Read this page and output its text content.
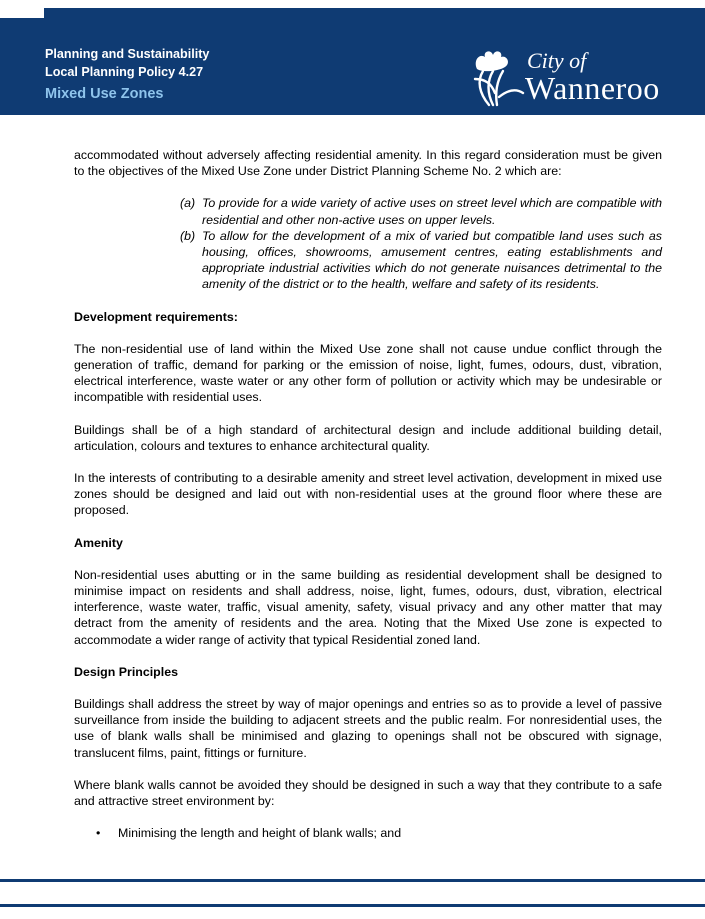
Planning and Sustainability
Local Planning Policy 4.27
Mixed Use Zones
City of
Wanneroo

accommodated without adversely affecting residential amenity. In this regard consideration must be given to the objectives of the Mixed Use Zone under District Planning Scheme No. 2 which are:

(a) To provide for a wide variety of active uses on street level which are compatible with residential and other non-active uses on upper levels.
(b) To allow for the development of a mix of varied but compatible land uses such as housing, offices, showrooms, amusement centres, eating establishments and appropriate industrial activities which do not generate nuisances detrimental to the amenity of the district or to the health, welfare and safety of its residents.

Development requirements:

The non-residential use of land within the Mixed Use zone shall not cause undue conflict through the generation of traffic, demand for parking or the emission of noise, light, fumes, odours, dust, vibration, electrical interference, waste water or any other form of pollution or activity which may be undesirable or incompatible with residential uses.

Buildings shall be of a high standard of architectural design and include additional building detail, articulation, colours and textures to enhance architectural quality.

In the interests of contributing to a desirable amenity and street level activation, development in mixed use zones should be designed and laid out with non-residential uses at the ground floor where these are proposed.

Amenity

Non-residential uses abutting or in the same building as residential development shall be designed to minimise impact on residents and shall address, noise, light, fumes, odours, dust, vibration, electrical interference, waste water, traffic, visual amenity, safety, visual privacy and any other matter that may detract from the amenity of residents and the area. Noting that the Mixed Use zone is expected to accommodate a wider range of activity that typical Residential zoned land.

Design Principles

Buildings shall address the street by way of major openings and entries so as to provide a level of passive surveillance from inside the building to adjacent streets and the public realm. For nonresidential uses, the use of blank walls shall be minimised and glazing to openings shall not be obscured with signage, translucent films, paint, fittings or furniture.

Where blank walls cannot be avoided they should be designed in such a way that they contribute to a safe and attractive street environment by:

• Minimising the length and height of blank walls; and
